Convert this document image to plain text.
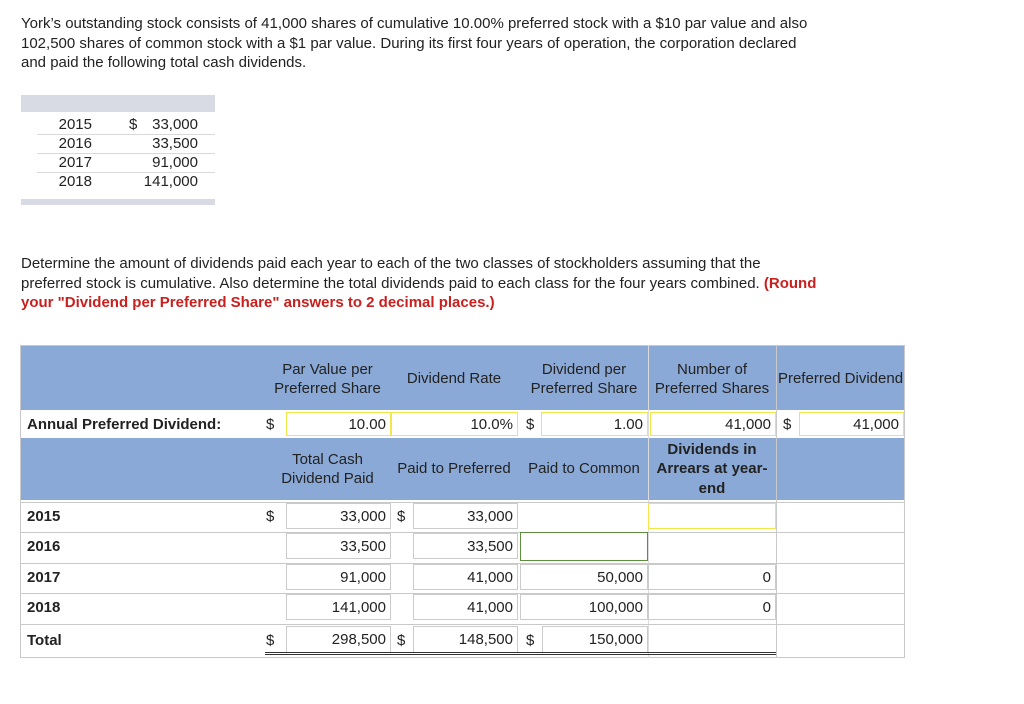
York’s outstanding stock consists of 41,000 shares of cumulative 10.00% preferred stock with a $10 par value and also 102,500 shares of common stock with a $1 par value. During its first four years of operation, the corporation declared and paid the following total cash dividends.
2015 $ 33,000
2016	33,500
2017	91,000
2018	141,000
Determine the amount of dividends paid each year to each of the two classes of stockholders assuming that the preferred stock is cumulative. Also determine the total dividends paid to each class for the four years combined. (Round your "Dividend per Preferred Share" answers to 2 decimal places.)
Par Value per Preferred Share
Dividend Rate
Dividend per Preferred Share
Number of Preferred Shares
Preferred Dividend
Annual Preferred Dividend:	$	10.00	10.0% $	1.00	41,000 $	41,000
Total Cash Dividend Paid
Paid to Preferred	Paid to Common
Dividends in Arrears at year-end
2015	$	33,000 $	33,000
2016	33,500	33,500
2017	91,000	41,000	50,000	0
2018	141,000	41,000	100,000	0
Total	$	298,500 $	148,500 $	150,000
